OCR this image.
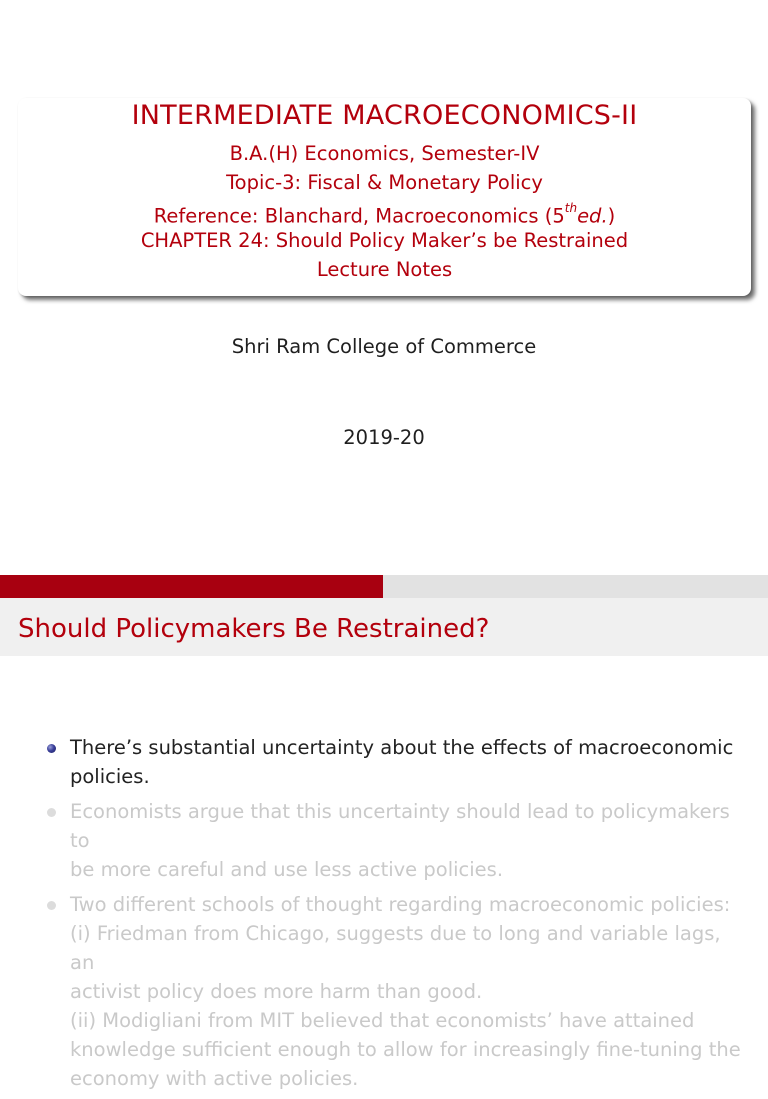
INTERMEDIATE MACROECONOMICS-II
B.A.(H) Economics, Semester-IV
Topic-3: Fiscal & Monetary Policy
Reference: Blanchard, Macroeconomics (5thed.)
CHAPTER 24: Should Policy Maker’s be Restrained
Lecture Notes
Shri Ram College of Commerce
2019-20
Should Policymakers Be Restrained?
There’s substantial uncertainty about the effects of macroeconomic
policies.
Economists argue that this uncertainty should lead to policymakers to
be more careful and use less active policies.
Two different schools of thought regarding macroeconomic policies:
(i) Friedman from Chicago, suggests due to long and variable lags, an
activist policy does more harm than good.
(ii) Modigliani from MIT believed that economists’ have attained
knowledge sufficient enough to allow for increasingly fine-tuning the
economy with active policies.
